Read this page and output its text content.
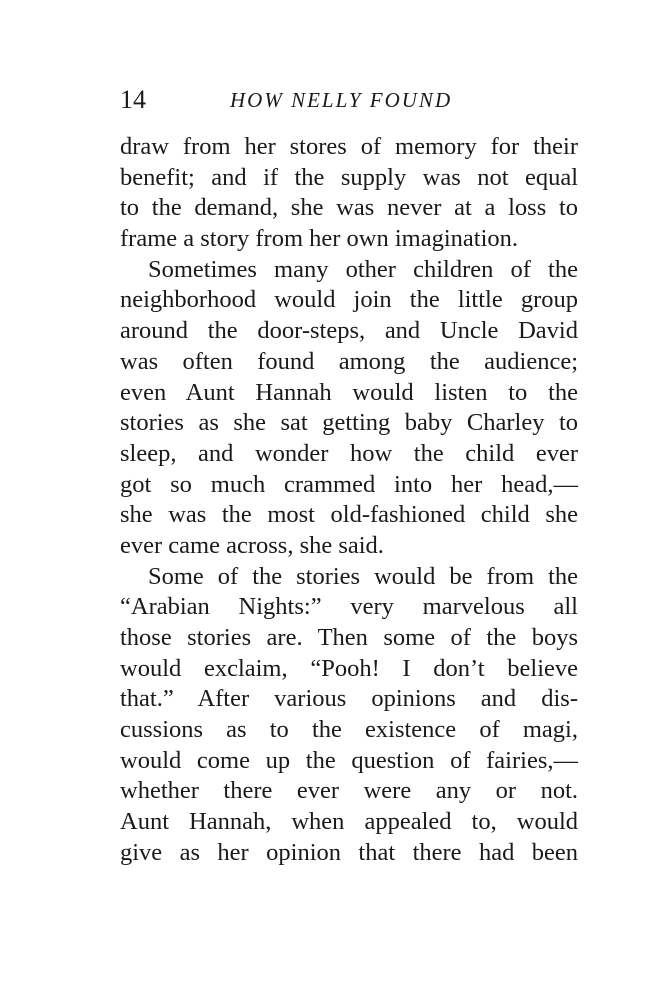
14	HOW NELLY FOUND
draw from her stores of memory for their
benefit; and if the supply was not equal
to the demand, she was never at a loss to
frame a story from her own imagination.
Sometimes many other children of the
neighborhood would join the little group
around the door-steps, and Uncle David
was often found among the audience;
even Aunt Hannah would listen to the
stories as she sat getting baby Charley to
sleep, and wonder how the child ever
got so much crammed into her head,—
she was the most old-fashioned child she
ever came across, she said.
Some of the stories would be from the
“Arabian Nights:” very marvelous all
those stories are. Then some of the boys
would exclaim, “Pooh! I don’t believe
that.” After various opinions and dis-
cussions as to the existence of magi,
would come up the question of fairies,—
whether there ever were any or not.
Aunt Hannah, when appealed to, would
give as her opinion that there had been
